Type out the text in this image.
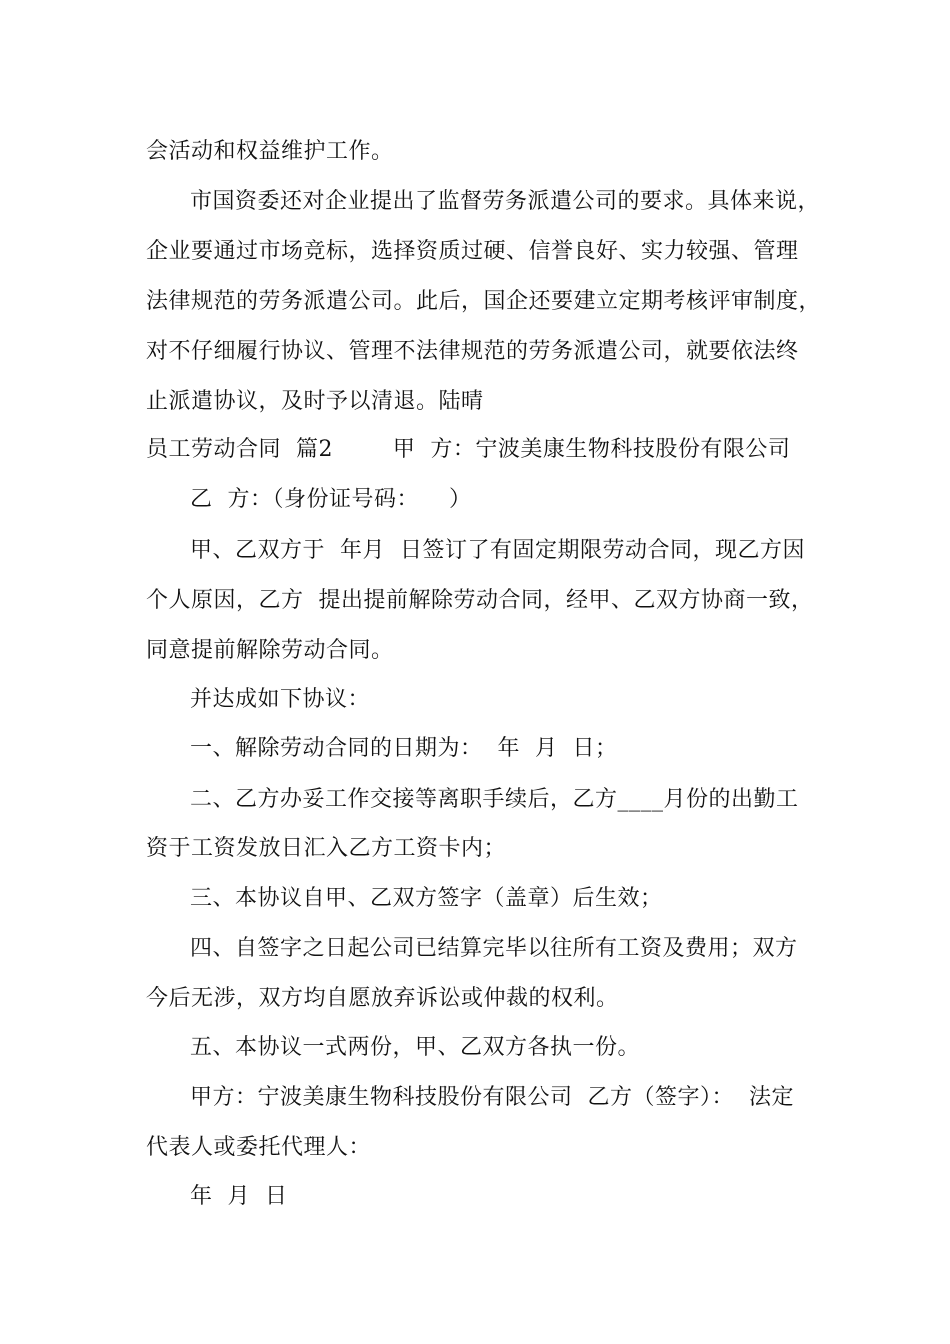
会活动和权益维护工作。
市国资委还对企业提出了监督劳务派遣公司的要求。具体来说，
企业要通过市场竞标，选择资质过硬、信誉良好、实力较强、管理
法律规范的劳务派遣公司。此后，国企还要建立定期考核评审制度，
对不仔细履行协议、管理不法律规范的劳务派遣公司，就要依法终
止派遣协议，及时予以清退。陆晴
员工劳动合同  篇2        甲  方：宁波美康生物科技股份有限公司
乙  方：（身份证号码：    ）
甲、乙双方于  年月  日签订了有固定期限劳动合同，现乙方因
个人原因，乙方  提出提前解除劳动合同，经甲、乙双方协商一致，
同意提前解除劳动合同。
并达成如下协议：
一、解除劳动合同的日期为：  年  月  日；
二、乙方办妥工作交接等离职手续后，乙方____月份的出勤工
资于工资发放日汇入乙方工资卡内；
三、本协议自甲、乙双方签字（盖章）后生效；
四、自签字之日起公司已结算完毕以往所有工资及费用；双方
今后无涉，双方均自愿放弃诉讼或仲裁的权利。
五、本协议一式两份，甲、乙双方各执一份。
甲方：宁波美康生物科技股份有限公司  乙方（签字）：  法定
代表人或委托代理人：
年  月  日
